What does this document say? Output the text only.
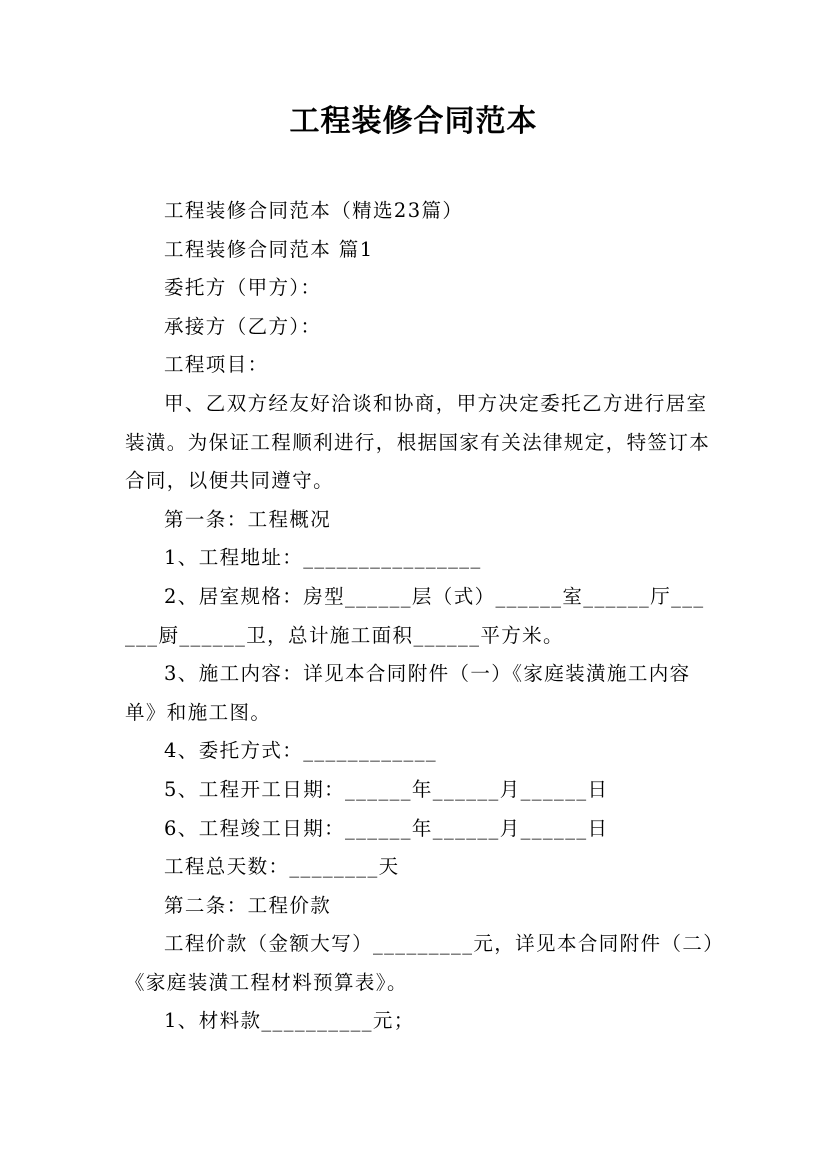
工程装修合同范本

工程装修合同范本（精选23篇）

工程装修合同范本 篇1

委托方（甲方）：

承接方（乙方）：

工程项目：

甲、乙双方经友好洽谈和协商，甲方决定委托乙方进行居室装潢。为保证工程顺利进行，根据国家有关法律规定，特签订本合同，以便共同遵守。

第一条：工程概况

1、工程地址：________________

2、居室规格：房型______层（式）______室______厅______厨______卫，总计施工面积______平方米。

3、施工内容：详见本合同附件（一）《家庭装潢施工内容单》和施工图。

4、委托方式：____________

5、工程开工日期：______年______月______日

6、工程竣工日期：______年______月______日

工程总天数：________天

第二条：工程价款

工程价款（金额大写）_________元，详见本合同附件（二）《家庭装潢工程材料预算表》。

1、材料款__________元；
